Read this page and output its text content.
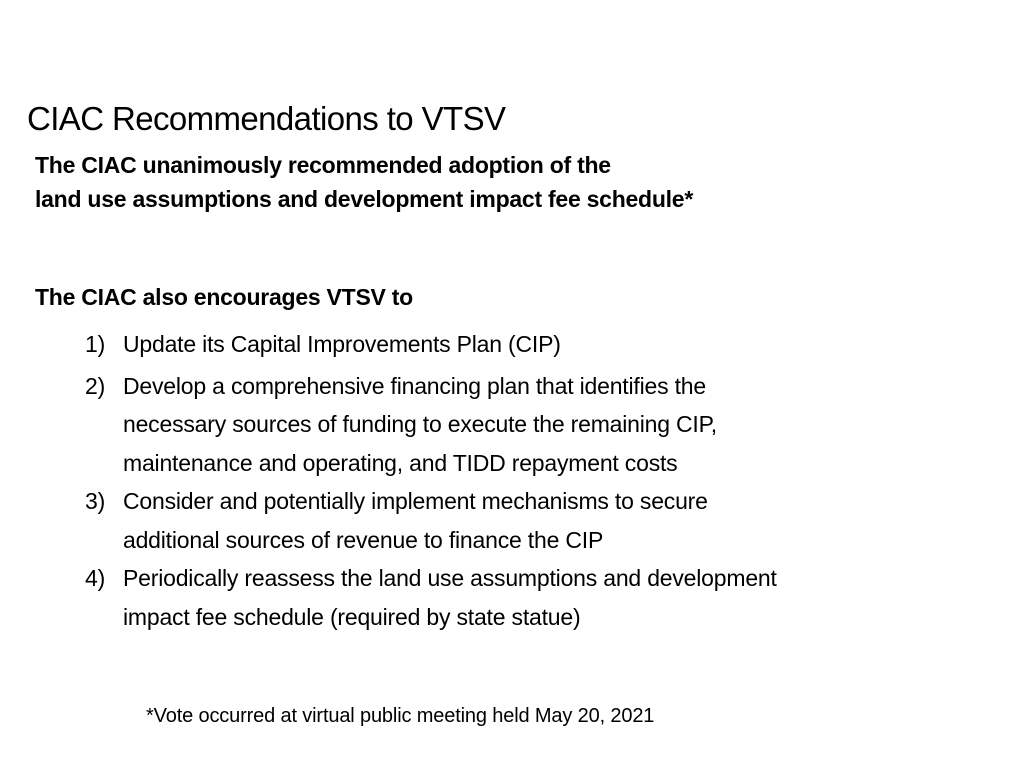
CIAC Recommendations to VTSV
The CIAC unanimously recommended adoption of the
land use assumptions and development impact fee schedule*
The CIAC also encourages VTSV to
1) Update its Capital Improvements Plan (CIP)
2) Develop a comprehensive financing plan that identifies the
necessary sources of funding to execute the remaining CIP,
maintenance and operating, and TIDD repayment costs
3) Consider and potentially implement mechanisms to secure
additional sources of revenue to finance the CIP
4) Periodically reassess the land use assumptions and development
impact fee schedule (required by state statue)
*Vote occurred at virtual public meeting held May 20, 2021
